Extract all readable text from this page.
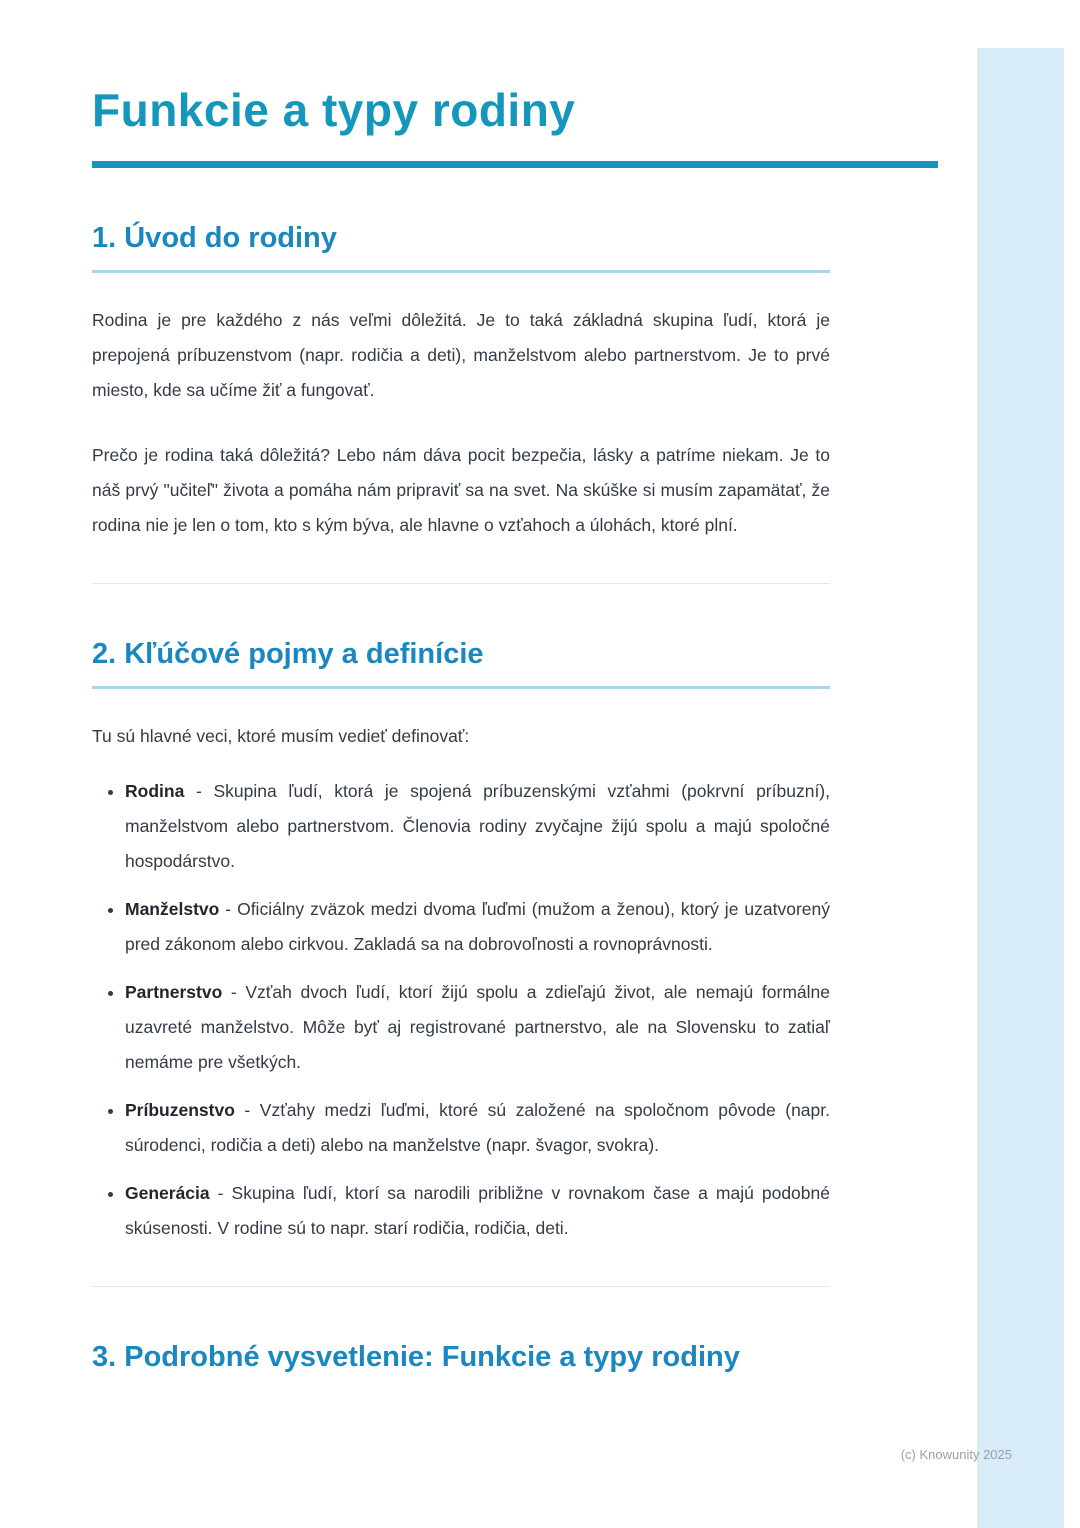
Funkcie a typy rodiny
1. Úvod do rodiny

Rodina je pre každého z nás veľmi dôležitá. Je to taká základná skupina ľudí, ktorá je prepojená príbuzenstvom (napr. rodičia a deti), manželstvom alebo partnerstvom. Je to prvé miesto, kde sa učíme žiť a fungovať.

Prečo je rodina taká dôležitá? Lebo nám dáva pocit bezpečia, lásky a patríme niekam. Je to náš prvý "učiteľ" života a pomáha nám pripraviť sa na svet. Na skúške si musím zapamätať, že rodina nie je len o tom, kto s kým býva, ale hlavne o vzťahoch a úlohách, ktoré plní.

2. Kľúčové pojmy a definície

Tu sú hlavné veci, ktoré musím vedieť definovať:

• Rodina - Skupina ľudí, ktorá je spojená príbuzenskými vzťahmi (pokrvní príbuzní), manželstvom alebo partnerstvom. Členovia rodiny zvyčajne žijú spolu a majú spoločné hospodárstvo.
• Manželstvo - Oficiálny zväzok medzi dvoma ľuďmi (mužom a ženou), ktorý je uzatvorený pred zákonom alebo cirkvou. Zakladá sa na dobrovoľnosti a rovnoprávnosti.
• Partnerstvo - Vzťah dvoch ľudí, ktorí žijú spolu a zdieľajú život, ale nemajú formálne uzavreté manželstvo. Môže byť aj registrované partnerstvo, ale na Slovensku to zatiaľ nemáme pre všetkých.
• Príbuzenstvo - Vzťahy medzi ľuďmi, ktoré sú založené na spoločnom pôvode (napr. súrodenci, rodičia a deti) alebo na manželstve (napr. švagor, svokra).
• Generácia - Skupina ľudí, ktorí sa narodili približne v rovnakom čase a majú podobné skúsenosti. V rodine sú to napr. starí rodičia, rodičia, deti.
3. Podrobné vysvetlenie: Funkcie a typy rodiny
(c) Knowunity 2025
